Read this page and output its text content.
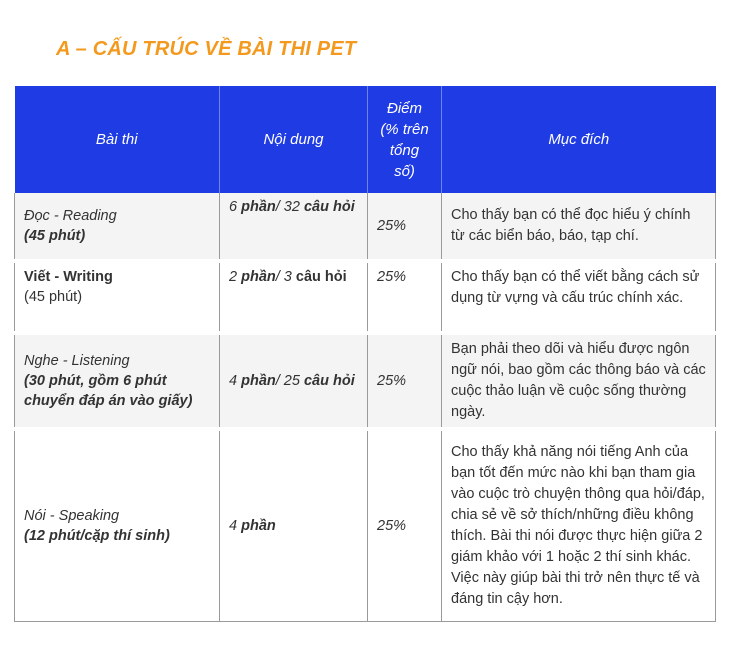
A – CẤU TRÚC VỀ BÀI THI PET
Bài thi	Nội dung	Điểm
(% trên
tổng
số)	Mục đích
Đọc - Reading
(45 phút)	6 phần/ 32 câu hỏi	25%	Cho thấy bạn có thể đọc hiểu ý chính từ các biển báo, báo, tạp chí.
Viết - Writing
(45 phút)	2 phần/ 3 câu hỏi	25%	Cho thấy bạn có thể viết bằng cách sử dụng từ vựng và cấu trúc chính xác.
Nghe - Listening
(30 phút, gồm 6 phút chuyển đáp án vào giấy)	4 phần/ 25 câu hỏi	25%	Bạn phải theo dõi và hiểu được ngôn ngữ nói, bao gồm các thông báo và các cuộc thảo luận về cuộc sống thường ngày.
Nói - Speaking
(12 phút/cặp thí sinh)	4 phần	25%	Cho thấy khả năng nói tiếng Anh của bạn tốt đến mức nào khi bạn tham gia vào cuộc trò chuyện thông qua hỏi/đáp, chia sẻ về sở thích/những điều không thích. Bài thi nói được thực hiện giữa 2 giám khảo với 1 hoặc 2 thí sinh khác. Việc này giúp bài thi trở nên thực tế và đáng tin cậy hơn.
